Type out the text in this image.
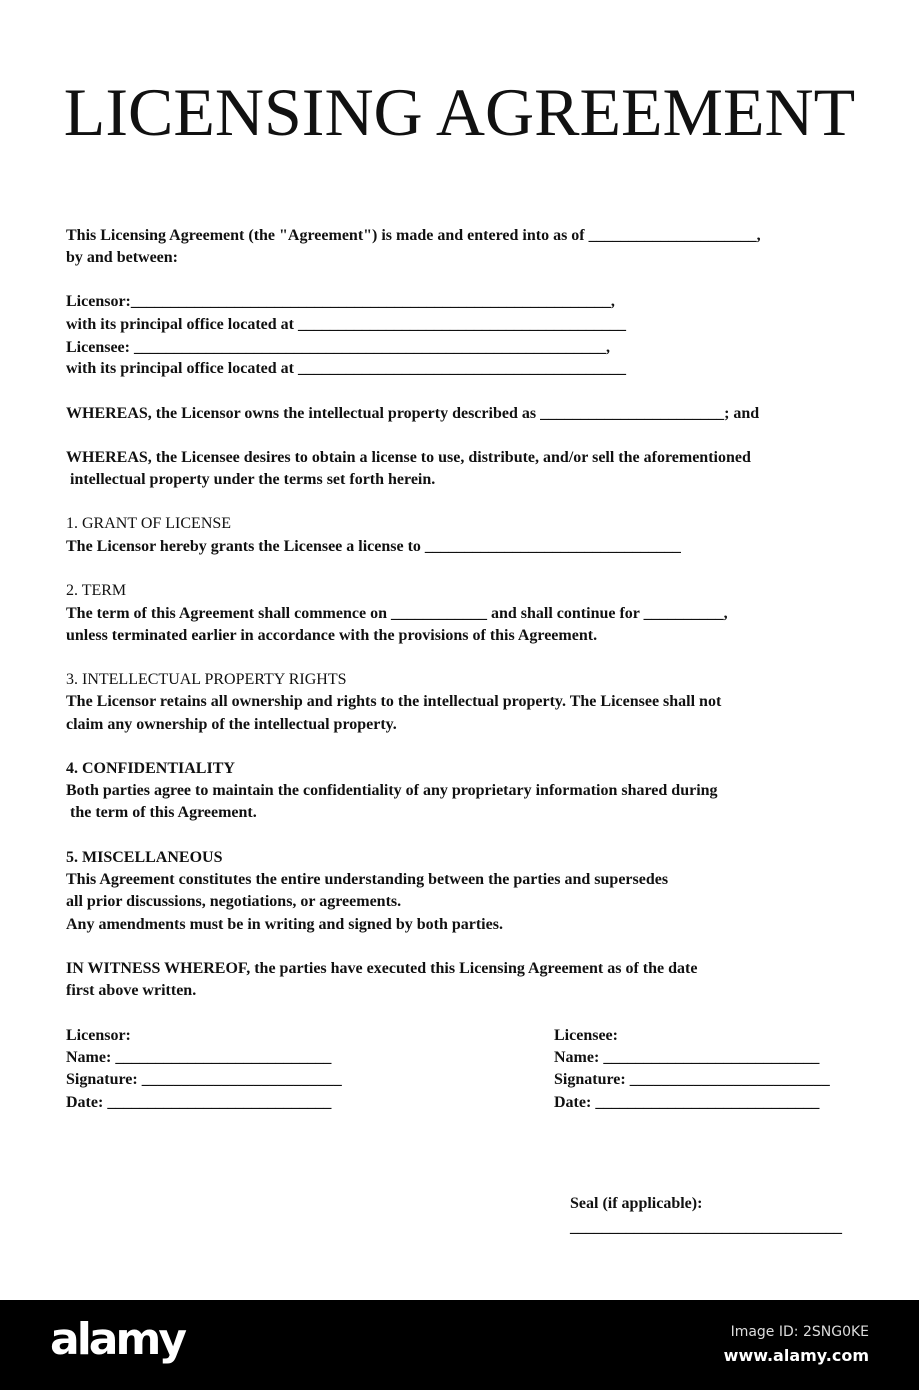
LICENSING AGREEMENT
This Licensing Agreement (the "Agreement") is made and entered into as of _____________________,
by and between:
Licensor:____________________________________________________________,
with its principal office located at _________________________________________
Licensee: ___________________________________________________________,
with its principal office located at _________________________________________
WHEREAS, the Licensor owns the intellectual property described as _______________________; and
WHEREAS, the Licensee desires to obtain a license to use, distribute, and/or sell the aforementioned
intellectual property under the terms set forth herein.
1. GRANT OF LICENSE
The Licensor hereby grants the Licensee a license to ________________________________
2. TERM
The term of this Agreement shall commence on ____________ and shall continue for __________,
unless terminated earlier in accordance with the provisions of this Agreement.
3. INTELLECTUAL PROPERTY RIGHTS
The Licensor retains all ownership and rights to the intellectual property. The Licensee shall not
claim any ownership of the intellectual property.
4. CONFIDENTIALITY
Both parties agree to maintain the confidentiality of any proprietary information shared during
the term of this Agreement.
5. MISCELLANEOUS
This Agreement constitutes the entire understanding between the parties and supersedes
all prior discussions, negotiations, or agreements.
Any amendments must be in writing and signed by both parties.
IN WITNESS WHEREOF, the parties have executed this Licensing Agreement as of the date
first above written.
Licensor:
Name: ___________________________
Signature: _________________________
Date: ____________________________
Licensee:
Name: ___________________________
Signature: _________________________
Date: ____________________________
Seal (if applicable):
__________________________________
alamy	Image ID: 2SNG0KE
www.alamy.com
